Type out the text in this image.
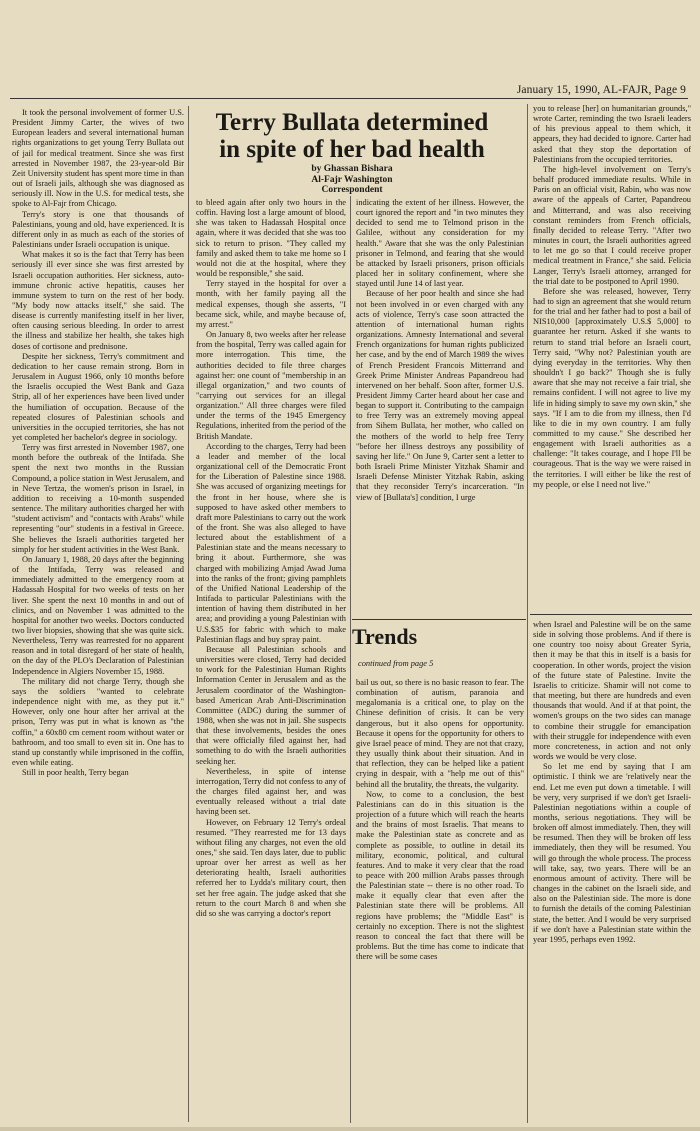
January 15, 1990, AL-FAJR, Page 9

It took the personal involvement of former U.S. President Jimmy Carter, the wives of two European leaders and several international human rights organizations to get young Terry Bullata out of jail for medical treatment. Since she was first arrested in November 1987, the 23-year-old Bir Zeit University student has spent more time in than out of Israeli jails, although she was diagnosed as seriously ill. Now in the U.S. for medical tests, she spoke to Al-Fajr from Chicago.

Terry's story is one that thousands of Palestinians, young and old, have experienced. It is different only in as much as each of the stories of Palestinians under Israeli occupation is unique.

What makes it so is the fact that Terry has been seriously ill ever since she was first arrested by Israeli occupation authorities. Her sickness, auto-immune chronic active hepatitis, causes her immune system to turn on the rest of her body. "My body now attacks itself," she said. The disease is currently manifesting itself in her liver, often causing serious bleeding. In order to arrest the illness and stabilize her health, she takes high doses of cortisone and prednisone.

Despite her sickness, Terry's commitment and dedication to her cause remain strong. Born in Jerusalem in August 1966, only 10 months before the Israelis occupied the West Bank and Gaza Strip, all of her experiences have been lived under the humiliation of occupation. Because of the repeated closures of Palestinian schools and universities in the occupied territories, she has not yet completed her bachelor's degree in sociology.

Terry was first arrested in November 1987, one month before the outbreak of the Intifada. She spent the next two months in the Russian Compound, a police station in West Jerusalem, and in Neve Tertza, the women's prison in Israel, in addition to receiving a 10-month suspended sentence. The military authorities charged her with "student activism" and "contacts with Arabs" while representing "our" students in a festival in Greece. She believes the Israeli authorities targeted her simply for her student activities in the West Bank.

On January 1, 1988, 20 days after the beginning of the Intifada, Terry was released and immediately admitted to the emergency room at Hadassah Hospital for two weeks of tests on her liver. She spent the next 10 months in and out of clinics, and on November 1 was admitted to the hospital for another two weeks. Doctors conducted two liver biopsies, showing that she was quite sick. Nevertheless, Terry was rearrested for no apparent reason and in total disregard of her state of health, on the day of the PLO's Declaration of Palestinian Independence in Algiers November 15, 1988.

The military did not charge Terry, though she says the soldiers "wanted to celebrate independence night with me, as they put it." However, only one hour after her arrival at the prison, Terry was put in what is known as "the coffin," a 60x80 cm cement room without water or bathroom, and too small to even sit in. One has to stand up constantly while imprisoned in the coffin, even while eating.

Still in poor health, Terry began

Terry Bullata determined
in spite of her bad health
by Ghassan Bishara
Al-Fajr Washington
Correspondent

to bleed again after only two hours in the coffin. Having lost a large amount of blood, she was taken to Hadassah Hospital once again, where it was decided that she was too sick to return to prison. "They called my family and asked them to take me home so I would not die at the hospital, where they would be responsible," she said.

Terry stayed in the hospital for over a month, with her family paying all the medical expenses, though she asserts, "I became sick, while, and maybe because of, my arrest."

On January 8, two weeks after her release from the hospital, Terry was called again for more interrogation. This time, the authorities decided to file three charges against her: one count of "membership in an illegal organization," and two counts of "carrying out services for an illegal organization." All three charges were filed under the terms of the 1945 Emergency Regulations, inherited from the period of the British Mandate.

According to the charges, Terry had been a leader and member of the local organizational cell of the Democratic Front for the Liberation of Palestine since 1988. She was accused of organizing meetings for the front in her house, where she is supposed to have asked other members to draft more Palestinians to carry out the work of the front. She was also alleged to have lectured about the establishment of a Palestinian state and the means necessary to bring it about. Furthermore, she was charged with mobilizing Amjad Awad Juma into the ranks of the front; giving pamphlets of the Unified National Leadership of the Intifada to particular Palestinians with the intention of having them distributed in her area; and providing a young Palestinian with U.S.$35 for fabric with which to make Palestinian flags and buy spray paint.

Because all Palestinian schools and universities were closed, Terry had decided to work for the Palestinian Human Rights Information Center in Jerusalem and as the Jerusalem coordinator of the Washington-based American Arab Anti-Discrimination Committee (ADC) during the summer of 1988, when she was not in jail. She suspects that these involvements, besides the ones that were officially filed against her, had something to do with the Israeli authorities seeking her.

Nevertheless, in spite of intense interrogation, Terry did not confess to any of the charges filed against her, and was eventually released without a trial date having been set.

However, on February 12 Terry's ordeal resumed. "They rearrested me for 13 days without filing any charges, not even the old ones," she said. Ten days later, due to public uproar over her arrest as well as her deteriorating health, Israeli authorities referred her to Lydda's military court, then set her free again. The judge asked that she return to the court March 8 and when she did so she was carrying a doctor's report

indicating the extent of her illness. However, the court ignored the report and "in two minutes they decided to send me to Telmond prison in the Galilee, without any consideration for my health." Aware that she was the only Palestinian prisoner in Telmond, and fearing that she would be attacked by Israeli prisoners, prison officials placed her in solitary confinement, where she stayed until June 14 of last year.

Because of her poor health and since she had not been involved in or even charged with any acts of violence, Terry's case soon attracted the attention of international human rights organizations. Amnesty International and several French organizations for human rights publicized her case, and by the end of March 1989 the wives of French President Francois Mitterrand and Greek Prime Minister Andreas Papandreou had intervened on her behalf. Soon after, former U.S. President Jimmy Carter heard about her case and began to support it. Contributing to the campaign to free Terry was an extremely moving appeal from Sihem Bullata, her mother, who called on the mothers of the world to help free Terry "before her illness destroys any possibility of saving her life." On June 9, Carter sent a letter to both Israeli Prime Minister Yitzhak Shamir and Israeli Defense Minister Yitzhak Rabin, asking that they reconsider Terry's incarceration. "In view of [Bullata's] condition, I urge

you to release [her] on humanitarian grounds," wrote Carter, reminding the two Israeli leaders of his previous appeal to them which, it appears, they had decided to ignore. Carter had asked that they stop the deportation of Palestinians from the occupied territories.

The high-level involvement on Terry's behalf produced immediate results. While in Paris on an official visit, Rabin, who was now aware of the appeals of Carter, Papandreou and Mitterrand, and was also receiving constant reminders from French officials, finally decided to release Terry. "After two minutes in court, the Israeli authorities agreed to let me go so that I could receive proper medical treatment in France," she said. Felicia Langer, Terry's Israeli attorney, arranged for the trial date to be postponed to April 1990.

Before she was released, however, Terry had to sign an agreement that she would return for the trial and her father had to post a bail of NIS10,000 [approximately U.S.$ 5,000] to guarantee her return. Asked if she wants to return to stand trial before an Israeli court, Terry said, "Why not? Palestinian youth are dying everyday in the territories. Why then shouldn't I go back?" Though she is fully aware that she may not receive a fair trial, she remains confident. I will not agree to live my life in hiding simply to save my own skin," she says. "If I am to die from my illness, then I'd like to die in my own country. I am fully committed to my cause." She described her engagement with Israeli authorities as a challenge: "It takes courage, and I hope I'll be courageous. That is the way we were raised in the territories. I will either be like the rest of my people, or else I need not live."

Trends
continued from page 5

bail us out, so there is no basic reason to fear. The combination of autism, paranoia and megalomania is a critical one, to play on the Chinese definition of crisis. It can be very dangerous, but it also opens for opportunity. Because it opens for the opportunity for others to give Israel peace of mind. They are not that crazy, they usually think about their situation. And in that reflection, they can be helped like a patient crying in despair, with a "help me out of this" behind all the brutality, the threats, the vulgarity.

Now, to come to a conclusion, the best Palestinians can do in this situation is the projection of a future which will reach the hearts and the brains of most Israelis. That means to make the Palestinian state as concrete and as complete as possible, to outline in detail its military, economic, political, and cultural features. And to make it very clear that the road to peace with 200 million Arabs passes through the Palestinian state -- there is no other road. To make it equally clear that even after the Palestinian state there will be problems. All regions have problems; the "Middle East" is certainly no exception. There is not the slightest reason to conceal the fact that there will be problems. But the time has come to indicate that there will be some cases

when Israel and Palestine will be on the same side in solving those problems. And if there is one country too noisy about Greater Syria, then it may be that this in itself is a basis for cooperation. In other words, project the vision of the future state of Palestine. Invite the Israelis to criticize. Shamir will not come to that meeting, but there are hundreds and even thousands that would. And if at that point, the women's groups on the two sides can manage to combine their struggle for emancipation with their struggle for independence with even more concreteness, in action and not only words we would be very close.

So let me end by saying that I am optimistic. I think we are 'relatively near the end. Let me even put down a timetable. I will be very, very surprised if we don't get Israeli-Palestinian negotiations within a couple of months, serious negotiations. They will be broken off almost immediately. Then, they will be resumed. Then they will be broken off less immediately, then they will be resumed. You will go through the whole process. The process will take, say, two years. There will be an enormous amount of activity. There will be changes in the cabinet on the Israeli side, and also on the Palestinian side. The more is done to furnish the details of the coming Palestinian state, the better. And I would be very surprised if we don't have a Palestinian state within the year 1995, perhaps even 1992.
